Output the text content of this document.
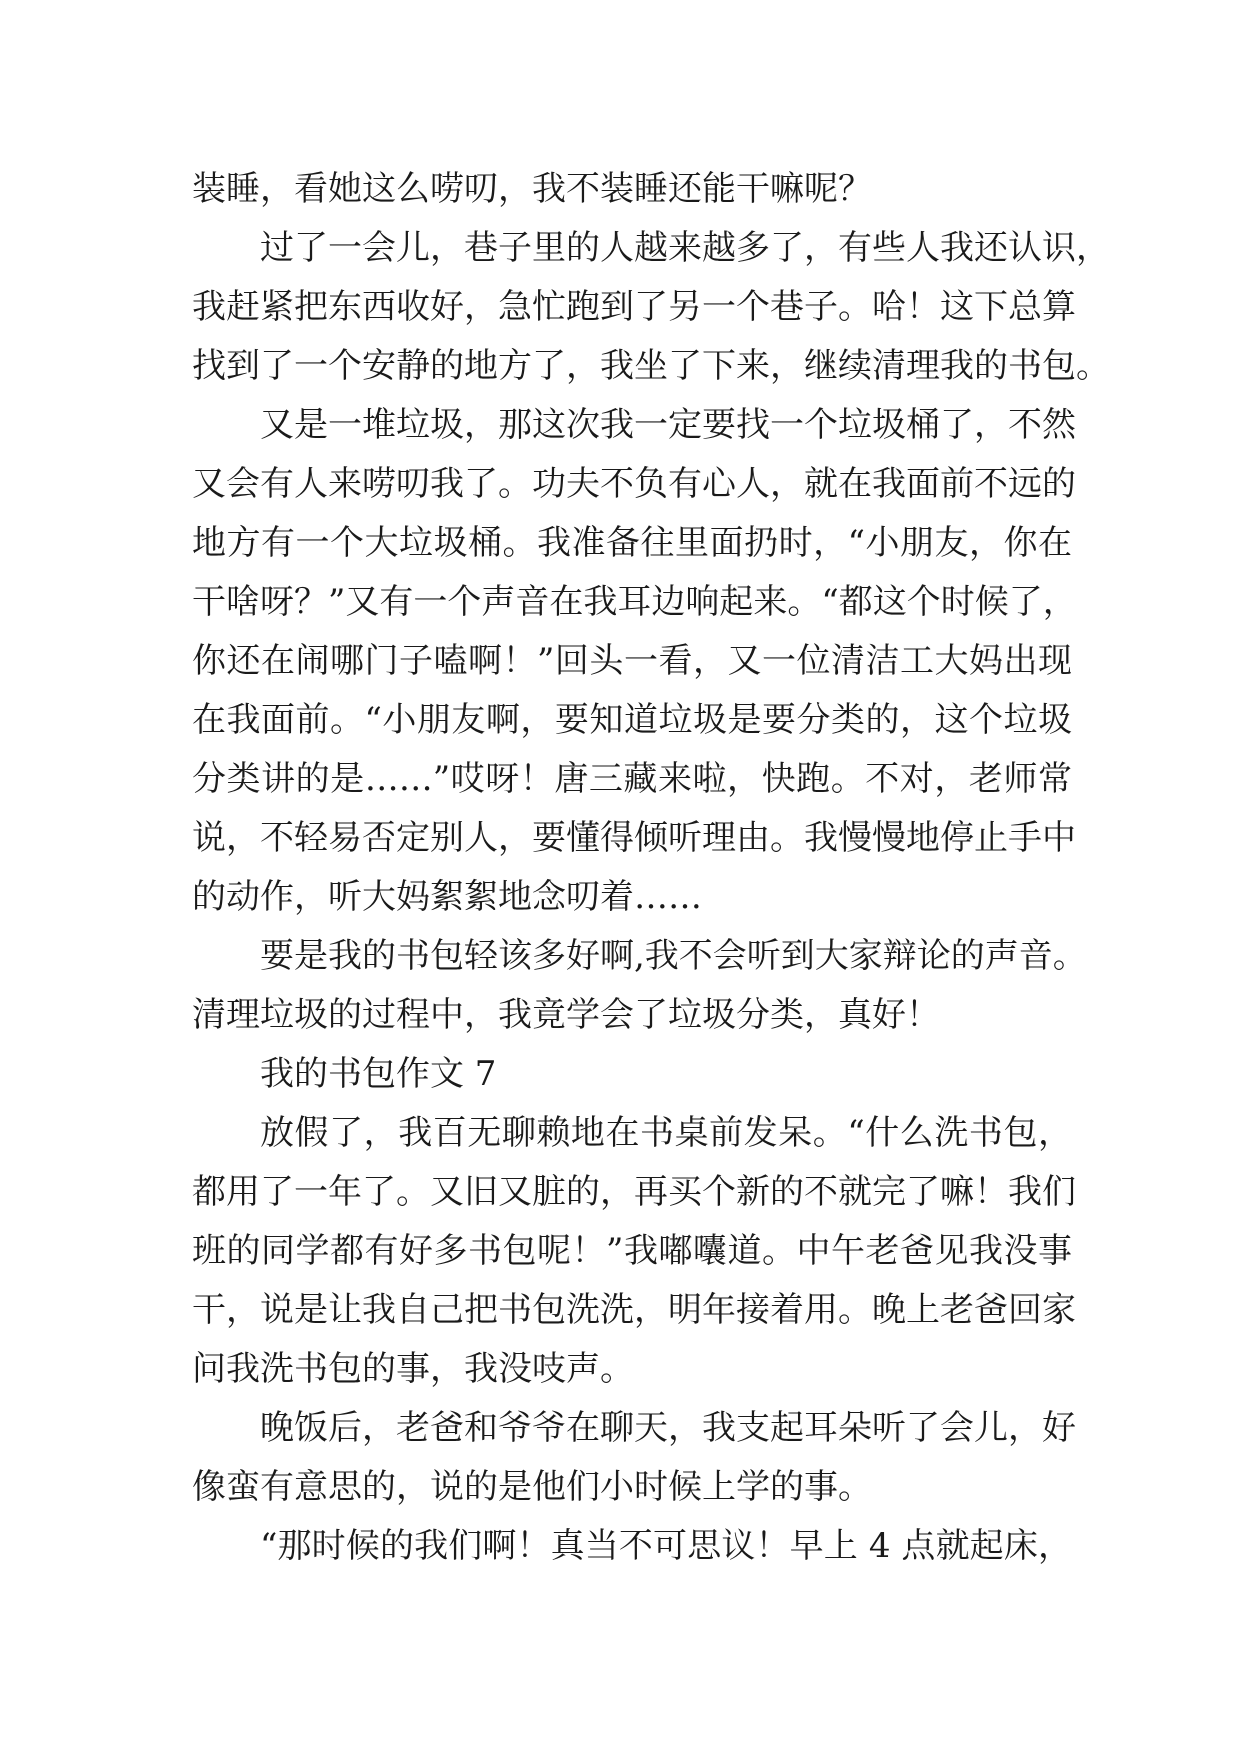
装睡，看她这么唠叨，我不装睡还能干嘛呢？
过了一会儿，巷子里的人越来越多了，有些人我还认识，
我赶紧把东西收好，急忙跑到了另一个巷子。哈！这下总算
找到了一个安静的地方了，我坐了下来，继续清理我的书包。
又是一堆垃圾，那这次我一定要找一个垃圾桶了，不然
又会有人来唠叨我了。功夫不负有心人，就在我面前不远的
地方有一个大垃圾桶。我准备往里面扔时，“小朋友，你在
干啥呀？”又有一个声音在我耳边响起来。“都这个时候了，
你还在闹哪门子嗑啊！”回头一看，又一位清洁工大妈出现
在我面前。“小朋友啊，要知道垃圾是要分类的，这个垃圾
分类讲的是……”哎呀！唐三藏来啦，快跑。不对，老师常
说，不轻易否定别人，要懂得倾听理由。我慢慢地停止手中
的动作，听大妈絮絮地念叨着……
要是我的书包轻该多好啊,我不会听到大家辩论的声音。
清理垃圾的过程中，我竟学会了垃圾分类，真好！
我的书包作文 7
放假了，我百无聊赖地在书桌前发呆。“什么洗书包，
都用了一年了。又旧又脏的，再买个新的不就完了嘛！我们
班的同学都有好多书包呢！”我嘟囔道。中午老爸见我没事
干，说是让我自己把书包洗洗，明年接着用。晚上老爸回家
问我洗书包的事，我没吱声。
晚饭后，老爸和爷爷在聊天，我支起耳朵听了会儿，好
像蛮有意思的，说的是他们小时候上学的事。
“那时候的我们啊！真当不可思议！早上 4 点就起床，
